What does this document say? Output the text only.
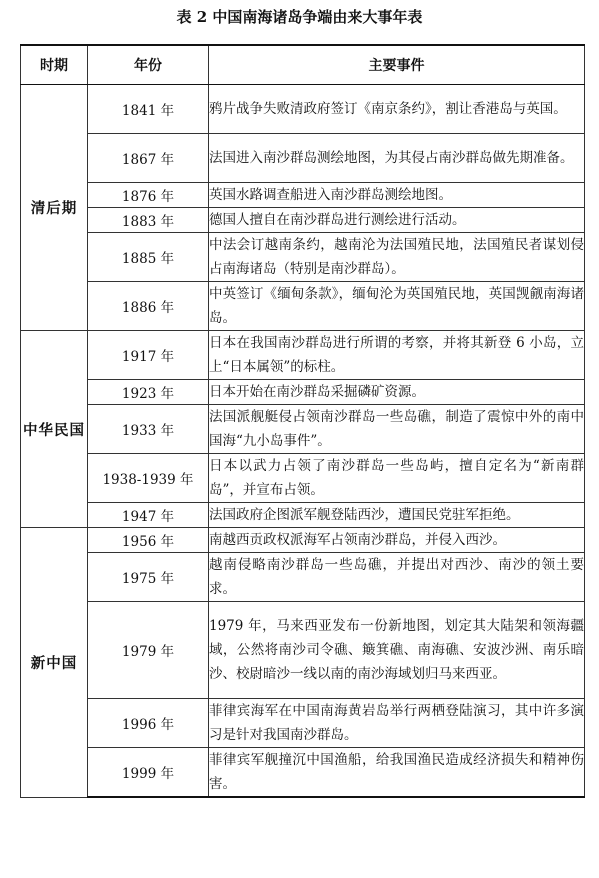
表 2 中国南海诸岛争端由来大事年表
时期	年份	主要事件
清后期	1841 年	鸦片战争失败清政府签订《南京条约》，割让香港岛与英国。
	1867 年	法国进入南沙群岛测绘地图，为其侵占南沙群岛做先期准备。
	1876 年	英国水路调查船进入南沙群岛测绘地图。
	1883 年	德国人擅自在南沙群岛进行测绘进行活动。
	1885 年	中法会订越南条约，越南沦为法国殖民地，法国殖民者谋划侵占南海诸岛（特别是南沙群岛）。
	1886 年	中英签订《缅甸条款》，缅甸沦为英国殖民地，英国觊觎南海诸岛。
中华民国	1917 年	日本在我国南沙群岛进行所谓的考察，并将其新登 6 小岛，立上“日本属领”的标柱。
	1923 年	日本开始在南沙群岛采掘磷矿资源。
	1933 年	法国派舰艇侵占领南沙群岛一些岛礁，制造了震惊中外的南中国海“九小岛事件”。
	1938-1939 年	日本以武力占领了南沙群岛一些岛屿，擅自定名为“新南群岛”，并宣布占领。
	1947 年	法国政府企图派军舰登陆西沙，遭国民党驻军拒绝。
新中国	1956 年	南越西贡政权派海军占领南沙群岛，并侵入西沙。
	1975 年	越南侵略南沙群岛一些岛礁，并提出对西沙、南沙的领土要求。
	1979 年	1979 年，马来西亚发布一份新地图，划定其大陆架和领海疆域，公然将南沙司令礁、簸箕礁、南海礁、安波沙洲、南乐暗沙、校尉暗沙一线以南的南沙海域划归马来西亚。
	1996 年	菲律宾海军在中国南海黄岩岛举行两栖登陆演习，其中许多演习是针对我国南沙群岛。
	1999 年	菲律宾军舰撞沉中国渔船，给我国渔民造成经济损失和精神伤害。
